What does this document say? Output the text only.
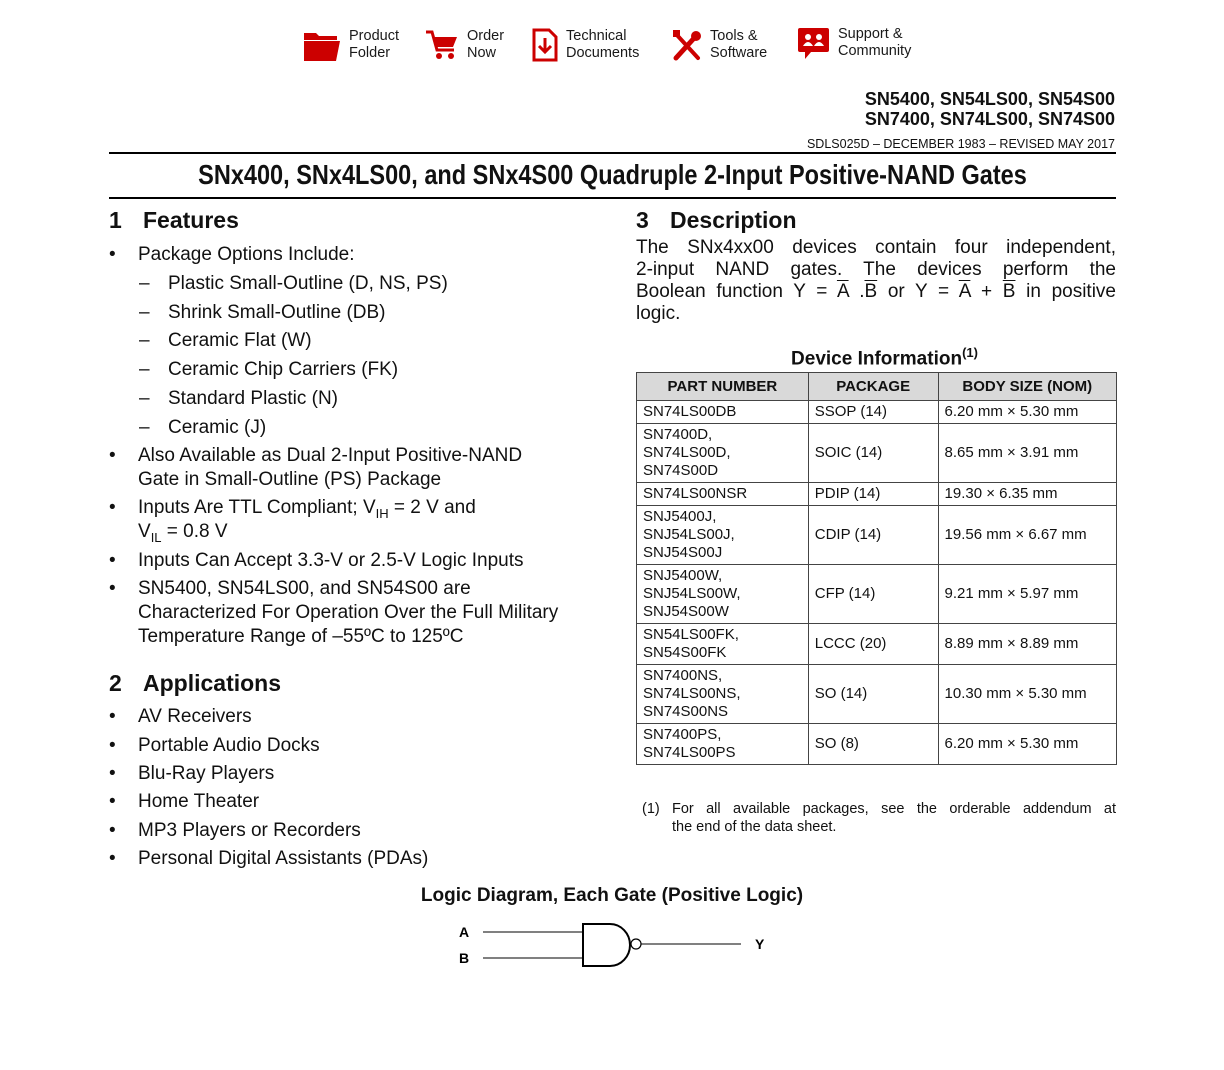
Product
Folder
Order
Now
Technical
Documents
Tools &
Software
Support &
Community
SN5400, SN54LS00, SN54S00
SN7400, SN74LS00, SN74S00
SDLS025D – DECEMBER 1983 – REVISED MAY 2017
SNx400, SNx4LS00, and SNx4S00 Quadruple 2-Input Positive-NAND Gates
1 Features
• Package Options Include:
– Plastic Small-Outline (D, NS, PS)
– Shrink Small-Outline (DB)
– Ceramic Flat (W)
– Ceramic Chip Carriers (FK)
– Standard Plastic (N)
– Ceramic (J)
• Also Available as Dual 2-Input Positive-NAND
Gate in Small-Outline (PS) Package
• Inputs Are TTL Compliant; $V_{IH} = 2$ V and
$V_{IL} = 0.8$ V
• Inputs Can Accept 3.3-V or 2.5-V Logic Inputs
• SN5400, SN54LS00, and SN54S00 are
Characterized For Operation Over the Full Military
Temperature Range of –55ºC to 125ºC
2 Applications
• AV Receivers
• Portable Audio Docks
• Blu-Ray Players
• Home Theater
• MP3 Players or Recorders
• Personal Digital Assistants (PDAs)
3 Description
The SNx4xx00 devices contain four independent,
2-input NAND gates. The devices perform the
Boolean function $Y = \overline{A}$ $.\overline{B}$ or $Y = \overline{A} + \overline{B}$ in positive
logic.
Device Information$^{(1)}$
PART NUMBER	PACKAGE	BODY SIZE (NOM)
SN74LS00DB	SSOP (14)	6.20 mm × 5.30 mm
SN7400D,
SN74LS00D,
SN74S00D	SOIC (14)	8.65 mm × 3.91 mm
SN74LS00NSR	PDIP (14)	19.30 × 6.35 mm
SNJ5400J,
SNJ54LS00J,
SNJ54S00J	CDIP (14)	19.56 mm × 6.67 mm
SNJ5400W,
SNJ54LS00W,
SNJ54S00W	CFP (14)	9.21 mm × 5.97 mm
SN54LS00FK,
SN54S00FK	LCCC (20)	8.89 mm × 8.89 mm
SN7400NS,
SN74LS00NS,
SN74S00NS	SO (14)	10.30 mm × 5.30 mm
SN7400PS,
SN74LS00PS	SO (8)	6.20 mm × 5.30 mm
(1) For all available packages, see the orderable addendum at
the end of the data sheet.
Logic Diagram, Each Gate (Positive Logic)
A
B
Y
